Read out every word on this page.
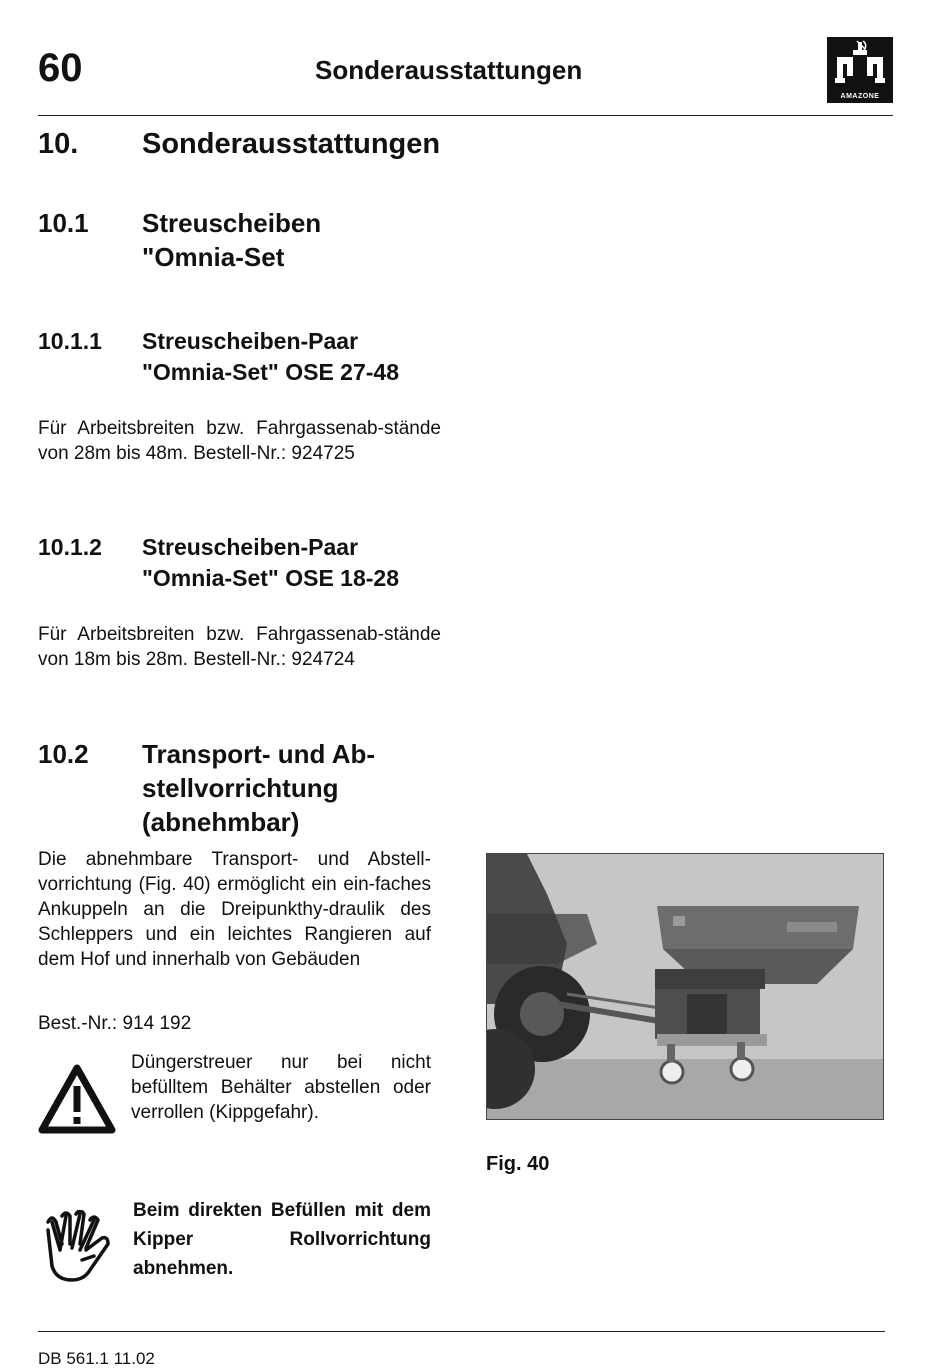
60	Sonderausstattungen
AMAZONE
10. Sonderausstattungen
10.1 Streuscheiben
"Omnia-Set
10.1.1 Streuscheiben-Paar
"Omnia-Set" OSE 27-48
Für Arbeitsbreiten bzw. Fahrgassenab-stände von 28m bis 48m. Bestell-Nr.: 924725
10.1.2 Streuscheiben-Paar
"Omnia-Set" OSE 18-28
Für Arbeitsbreiten bzw. Fahrgassenab-stände von 18m bis 28m. Bestell-Nr.: 924724
10.2 Transport- und Ab-
stellvorrichtung
(abnehmbar)
Die abnehmbare Transport- und Abstell-vorrichtung (Fig. 40) ermöglicht ein ein-faches Ankuppeln an die Dreipunkthy-draulik des Schleppers und ein leichtes Rangieren auf dem Hof und innerhalb von Gebäuden
Best.-Nr.: 914 192
Düngerstreuer nur bei nicht befülltem Behälter abstellen oder verrollen (Kippgefahr).
Beim direkten Befüllen mit dem Kipper Rollvorrichtung abnehmen.
Fig. 40
DB 561.1 11.02
